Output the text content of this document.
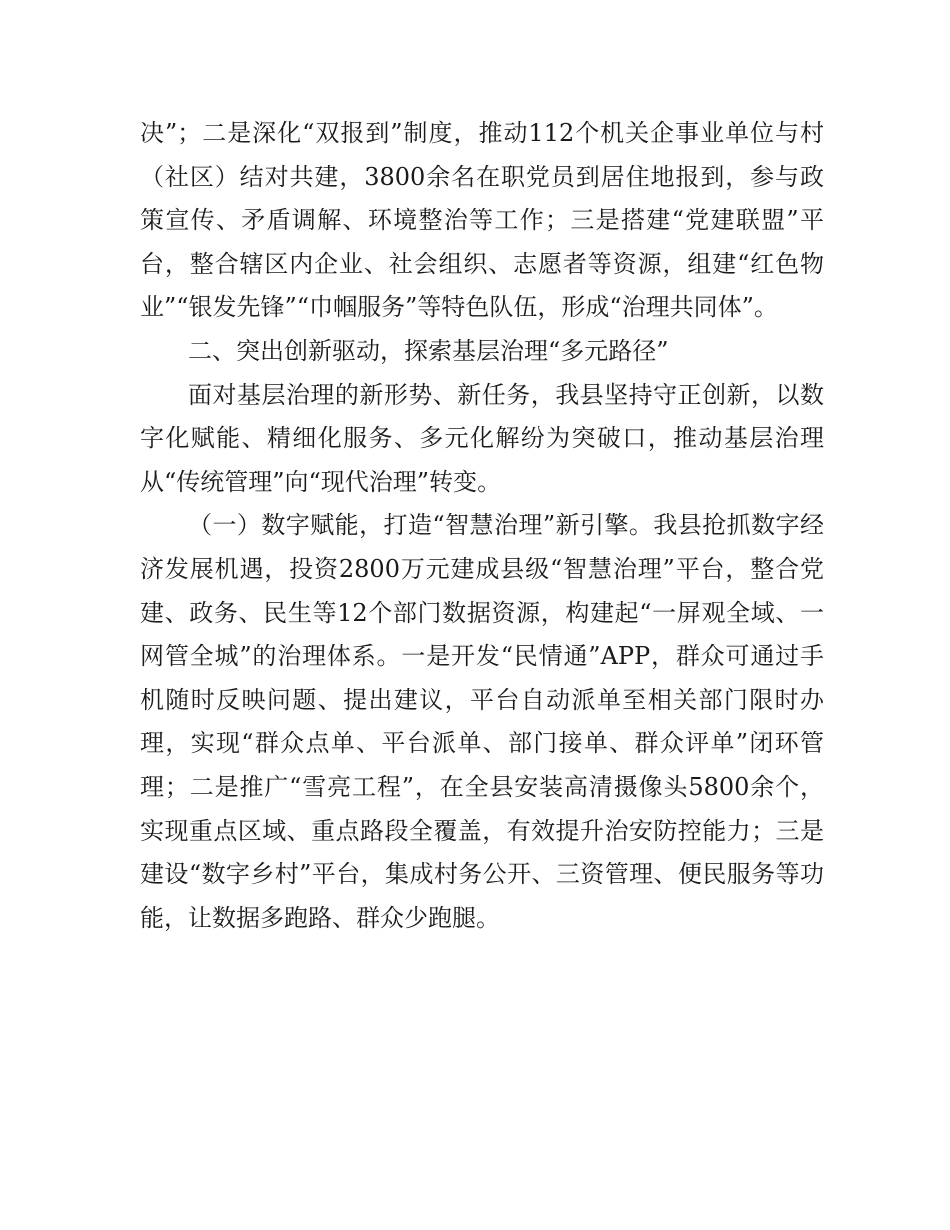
决”；二是深化“双报到”制度，推动112个机关企事业单位与村（社区）结对共建，3800余名在职党员到居住地报到，参与政策宣传、矛盾调解、环境整治等工作；三是搭建“党建联盟”平台，整合辖区内企业、社会组织、志愿者等资源，组建“红色物业”“银发先锋”“巾帼服务”等特色队伍，形成“治理共同体”。

二、突出创新驱动，探索基层治理“多元路径”

面对基层治理的新形势、新任务，我县坚持守正创新，以数字化赋能、精细化服务、多元化解纷为突破口，推动基层治理从“传统管理”向“现代治理”转变。

（一）数字赋能，打造“智慧治理”新引擎。我县抢抓数字经济发展机遇，投资2800万元建成县级“智慧治理”平台，整合党建、政务、民生等12个部门数据资源，构建起“一屏观全域、一网管全城”的治理体系。一是开发“民情通”APP，群众可通过手机随时反映问题、提出建议，平台自动派单至相关部门限时办理，实现“群众点单、平台派单、部门接单、群众评单”闭环管理；二是推广“雪亮工程”，在全县安装高清摄像头5800余个，实现重点区域、重点路段全覆盖，有效提升治安防控能力；三是建设“数字乡村”平台，集成村务公开、三资管理、便民服务等功能，让数据多跑路、群众少跑腿。
